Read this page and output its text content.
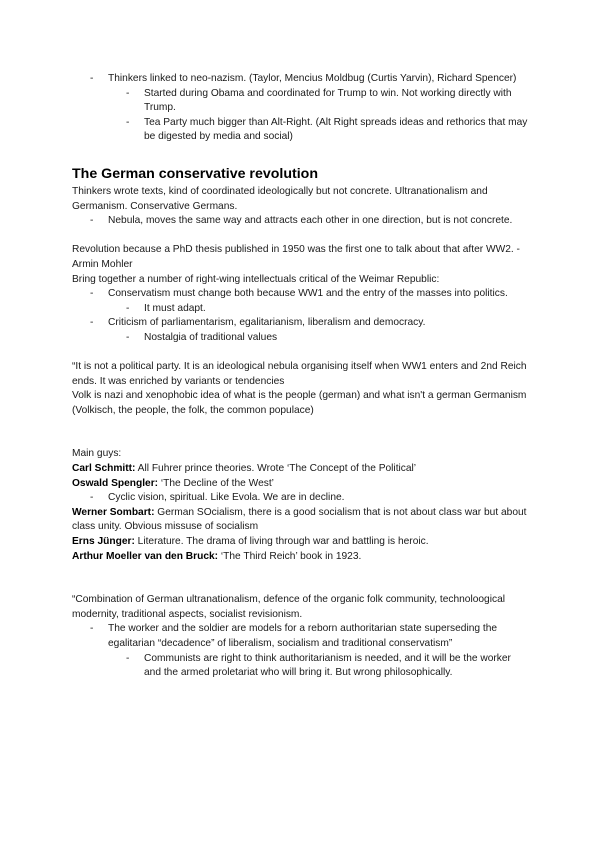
- Thinkers linked to neo-nazism. (Taylor, Mencius Moldbug (Curtis Yarvin), Richard Spencer)
- Started during Obama and coordinated for Trump to win. Not working directly with Trump.
- Tea Party much bigger than Alt-Right. (Alt Right spreads ideas and rethorics that may be digested by media and social)
The German conservative revolution

Thinkers wrote texts, kind of coordinated ideologically but not concrete. Ultranationalism and Germanism. Conservative Germans.

- Nebula, moves the same way and attracts each other in one direction, but is not concrete.

Revolution because a PhD thesis published in 1950 was the first one to talk about that after WW2. - Armin Mohler

Bring together a number of right-wing intellectuals critical of the Weimar Republic:

- Conservatism must change both because WW1 and the entry of the masses into politics.
- It must adapt.
- Criticism of parliamentarism, egalitarianism, liberalism and democracy.
- Nostalgia of traditional values

“It is not a political party. It is an ideological nebula organising itself when WW1 enters and 2nd Reich ends. It was enriched by variants or tendencies

Volk is nazi and xenophobic idea of what is the people (german) and what isn't a german Germanism (Volkisch, the people, the folk, the common populace)

Main guys:

Carl Schmitt: All Fuhrer prince theories. Wrote ‘The Concept of the Political’

Oswald Spengler: ‘The Decline of the West’

- Cyclic vision, spiritual. Like Evola. We are in decline.

Werner Sombart: German SOcialism, there is a good socialism that is not about class war but about class unity. Obvious missuse of socialism

Erns Jünger: Literature. The drama of living through war and battling is heroic.

Arthur Moeller van den Bruck: ‘The Third Reich’ book in 1923.

“Combination of German ultranationalism, defence of the organic folk community, technoloogical modernity, traditional aspects, socialist revisionism.

- The worker and the soldier are models for a reborn authoritarian state superseding the egalitarian “decadence” of liberalism, socialism and traditional conservatism”
- Communists are right to think authoritarianism is needed, and it will be the worker and the armed proletariat who will bring it. But wrong philosophically.
